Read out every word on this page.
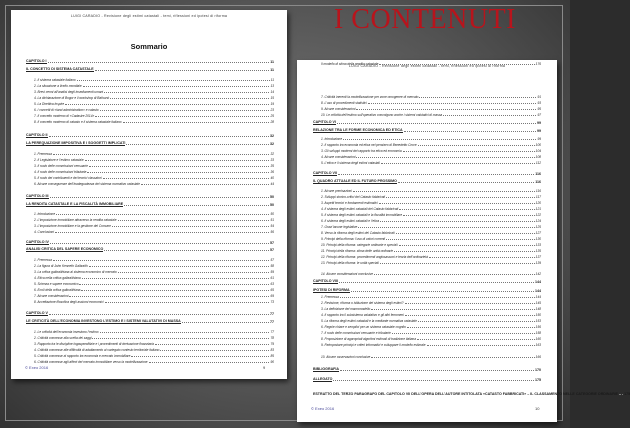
I CONTENUTI
LUIGI CARADIO - Revisione degli estimi catastali - temi, riflessioni ed ipotesi di riforma
Sommario
CAPITOLO I	11
IL CONCETTO DI SISTEMA CATASTALE	11
1. Il sistema catastale italiano	11
2. La situazione a livello mondiale	13
3. Brevi cenni all’analisi degli insediamenti umani	14
4. La dichiarazione di Bogor e il workshop di Bathurst	15
5. La Direttiva Inspire	19
6. I concetti di «land administration» e catasto	23
7. Il concetto moderno di «Cadastre 2014»	25
8. Il concetto moderno di catasto e il sistema catastale italiano	28
CAPITOLO II	32
LA PEREQUAZIONE IMPOSITIVA E I SOGGETTI IMPLICATI	32
1. Premessa	32
2. Il Legislatore e l’estimo catastale	33
3. Il ruolo delle commissioni censuarie	35
4. Il ruolo delle commissioni tributarie	36
5. Il ruolo dei contribuenti e dei tecnici classatori	40
6. Alcune conseguenze dell’inadeguatezza del sistema normativo catastale	44
CAPITOLO III	50
LA RENDITA CATASTALE E LA FISCALITÀ IMMOBILIARE	50
1. Introduzione	50
2. L’imposizione immobiliare attraverso la rendita catastale	51
3. L’imposizione immobiliare e la gestione del Comune	54
4. Conclusioni	56
CAPITOLO IV	57
ANALISI CRITICA DEL SAPERE ECONOMICO	57
1. Premessa	57
2. La figura di John Kenneth Galbraith	58
3. La critica galbraithiana al sistema economico di mercato	59
4. Etica nella critica galbraithiana	61
5. Scienza e sapere economico	63
6. Ecoli della critica galbraithiana	65
7. Alcune considerazioni	69
8. Accettazione filosofica degli assiomi economici	73
CAPITOLO V	77
LE CRITICITÀ DELL’ECONOMIA INVESTONO L’ESTIMO E I SISTEMI VALUTATIVI DI MASSA	77
1. Le criticità dell’economia investono l’estimo	77
2. Criticità connesse alla scelta dei saggi	78
3. Rapporto tra le discipline logaspenditizie e i procedimenti di derivazione finanziaria	79
4. Criticità connesse alle difficoltà di adattamento al variegato contesto territoriale italiano	83
5. Criticità connesse al rapporto tra economia e mercato immobiliare	85
6. Criticità connesse agli affect del mercato immobiliare verso la modellizzazione	90
© Exeo 2016	9
LUIGI CARADIO - Revisione degli estimi catastali - temi, riflessioni ed ipotesi di riforma
7. Criticità inerenti la modellizzazione per zone omogenee di mercato	91
8. L’uso di procedimenti statistici	93
9. Alcune considerazioni	95
10. Le criticità dell’estimo sull’operativo convolgono anche i sistemi valutativi di massa	97
CAPITOLO VI	99
RELAZIONE TRA LE FORME ECONOMICA ED ETICA	99
1. Introduzione	99
2. Il rapporto tra economia ed etica nel pensiero di Benedetto Croce	100
3. Gli sviluppi moderni del rapporto tra etica ed economia	104
4. Alcune considerazioni	108
5. L’etica e il sistema degli estimi catastali	112
CAPITOLO VII	116
IL QUADRO ATTUALE ED IL FUTURO PROSSIMO	116
1. Alcune precisazioni	116
2. Sviluppi storico-critici del Catasto fabbricati	117
3. Aspetti tecnici e fondamenti estimativi	120
4. Il sistema degli estimi catastali del Catasto fabbricati	121
5. Il sistema degli estimi catastali e la fiscalità immobiliare	122
6. Il sistema degli estimi catastali e l’etica	124
7. Gravi lacune legislative	125
8. Verso la riforma degli estimi del Catasto fabbricati	127
9. Principi della riforma: l’uso di valori correnti	130
10. Principi della riforma: categorie ordinarie e speciali	133
11. Principi della riforma: stima delle unità ordinarie	135
12. Principi della riforma: procedimenti anglosassoni e teoria dell’ordinarietà	137
13. Principi della riforma: le unità speciali	139
14. Alcune considerazioni conclusive	142
CAPITOLO VIII	144
IPOTESI DI RIFORMA	144
1. Premessa	144
2. Revisione, riforma o istituzione del sistema degli estimi?	145
3. La definizione del macromodello	148
4. Il rapporto tra il subsistema valutativo e gli altri fenomeni	150
5. La riforma degli estimi catastali e la mediante normativa catastale	153
6. Regole chiare e semplici per un sistema catastale cognito	156
7. Il ruolo delle commissioni censuarie e tributarie	158
8. Proposizione di appropriati algoritmi estimali di tradizione italiana	160
9. Reimpostare principi e criteri informativi e sviluppare il modello estimale	163
10. Alcune osservazioni conclusive	166
BIBLIOGRAFIA	170
ALLEGATO	175
ESTRATTO DEL TERZO PARAGRAFO DEL CAPITOLO VII DELL’OPERA DELL’AUTORE INTITOLATA «CATASTO FABBRICATI» – IL CLASSAMENTO NELLE CATEGORIE ORDINARIE 175
Il modello di stima della rendita catastale	176
© Exeo 2016	10
